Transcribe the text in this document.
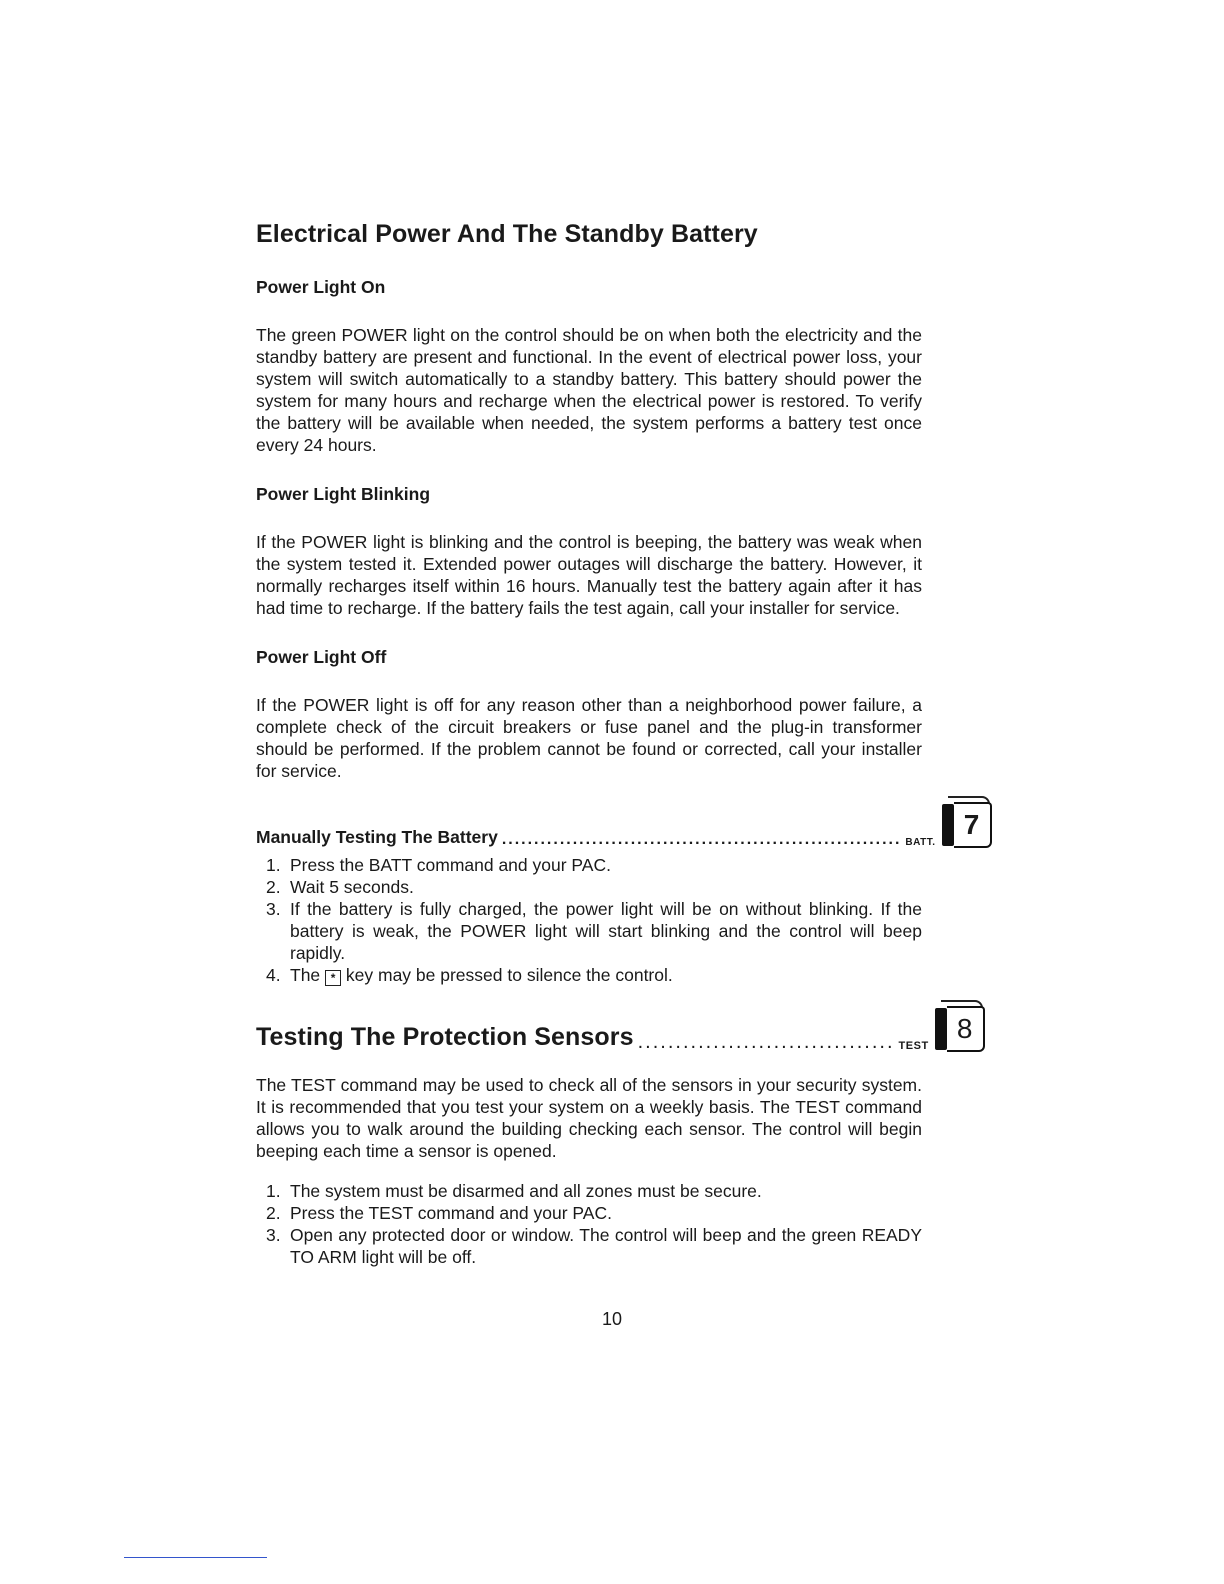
Electrical Power And The Standby Battery
Power Light On

The green POWER light on the control should be on when both the electricity and the standby battery are present and functional. In the event of electrical power loss, your system will switch automatically to a standby battery. This battery should power the system for many hours and recharge when the electrical power is restored. To verify the battery will be available when needed, the system performs a battery test once every 24 hours.

Power Light Blinking

If the POWER light is blinking and the control is beeping, the battery was weak when the system tested it. Extended power outages will discharge the battery. However, it normally recharges itself within 16 hours. Manually test the battery again after it has had time to recharge. If the battery fails the test again, call your installer for service.

Power Light Off

If the POWER light is off for any reason other than a neighborhood power failure, a complete check of the circuit breakers or fuse panel and the plug-in transformer should be performed. If the problem cannot be found or corrected, call your installer for service.

Manually Testing The Battery .............................................................. BATT.
7
1. Press the BATT command and your PAC.
2. Wait 5 seconds.
3. If the battery is fully charged, the power light will be on without blinking. If the battery is weak, the POWER light will start blinking and the control will beep rapidly.
4. The * key may be pressed to silence the control.
Testing The Protection Sensors .................................. TEST
8

The TEST command may be used to check all of the sensors in your security system. It is recommended that you test your system on a weekly basis. The TEST command allows you to walk around the building checking each sensor. The control will begin beeping each time a sensor is opened.

1. The system must be disarmed and all zones must be secure.
2. Press the TEST command and your PAC.
3. Open any protected door or window. The control will beep and the green READY TO ARM light will be off.
10
